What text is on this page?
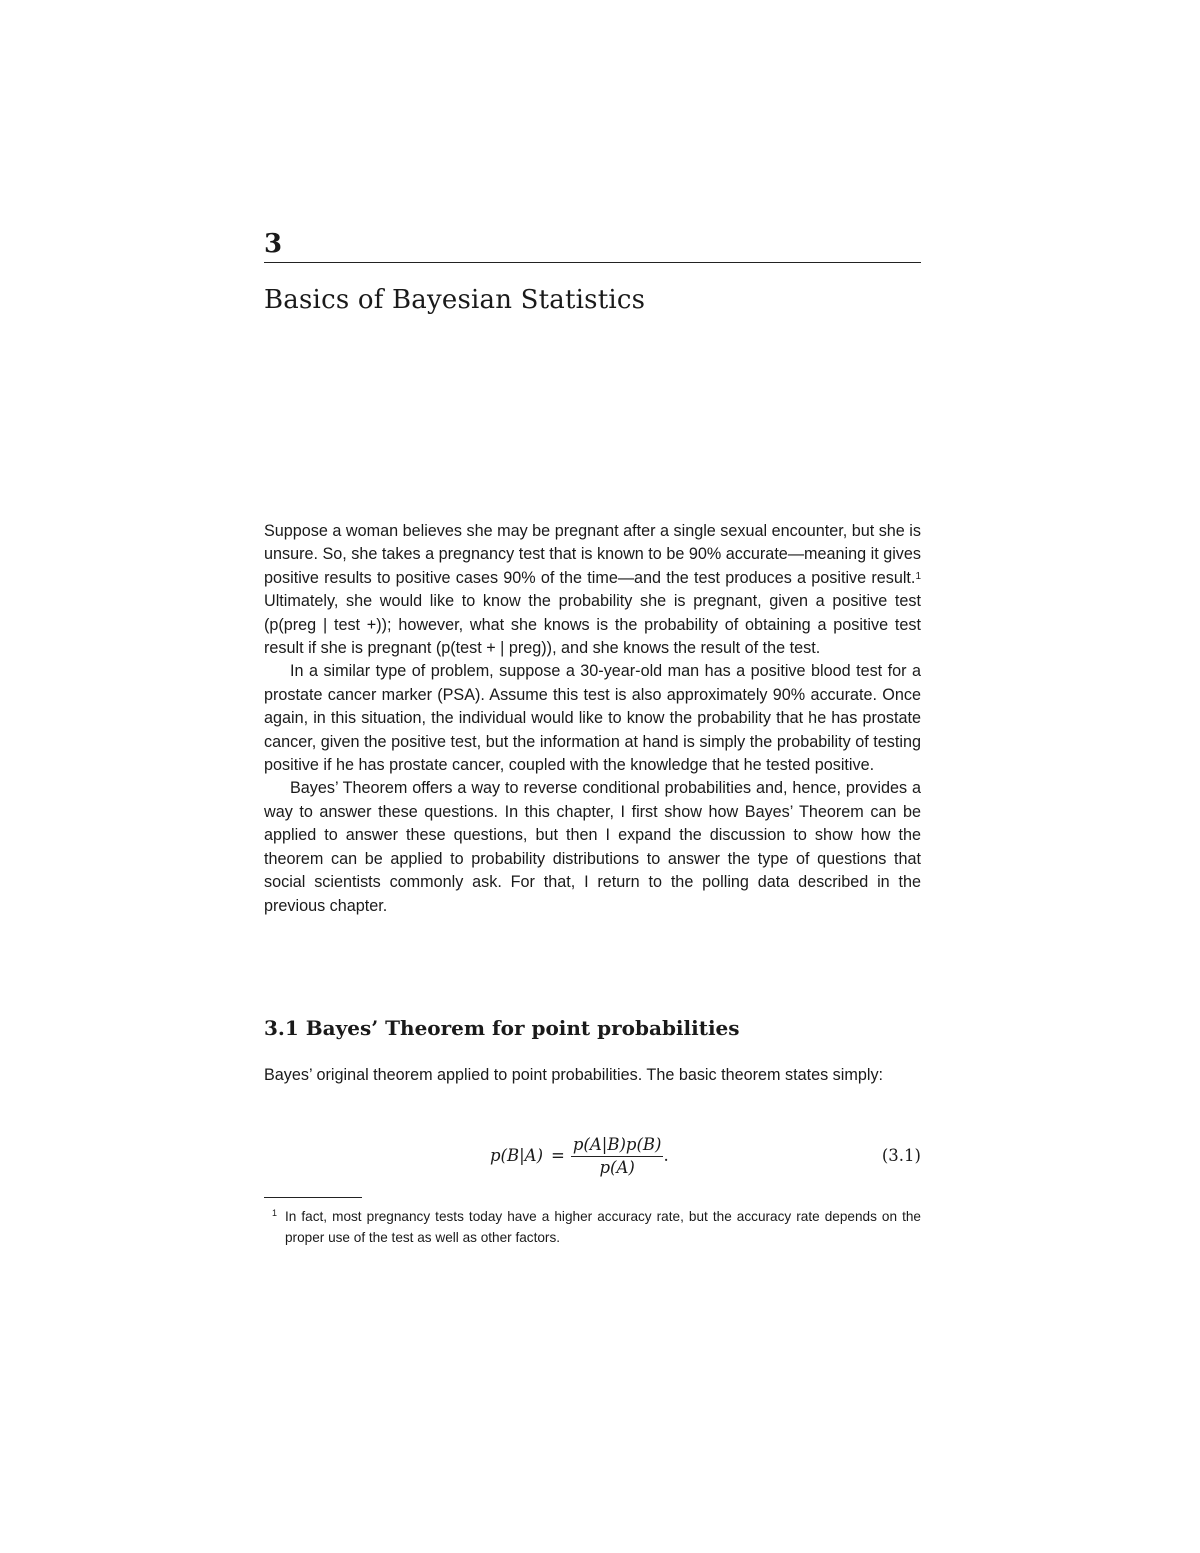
3
Basics of Bayesian Statistics

Suppose a woman believes she may be pregnant after a single sexual encounter, but she is unsure. So, she takes a pregnancy test that is known to be 90% accurate—meaning it gives positive results to positive cases 90% of the time—and the test produces a positive result.$^1$ Ultimately, she would like to know the probability she is pregnant, given a positive test (p(preg | test +)); however, what she knows is the probability of obtaining a positive test result if she is pregnant (p(test + | preg)), and she knows the result of the test.

In a similar type of problem, suppose a 30-year-old man has a positive blood test for a prostate cancer marker (PSA). Assume this test is also approximately 90% accurate. Once again, in this situation, the individual would like to know the probability that he has prostate cancer, given the positive test, but the information at hand is simply the probability of testing positive if he has prostate cancer, coupled with the knowledge that he tested positive.

Bayes’ Theorem offers a way to reverse conditional probabilities and, hence, provides a way to answer these questions. In this chapter, I first show how Bayes’ Theorem can be applied to answer these questions, but then I expand the discussion to show how the theorem can be applied to probability distributions to answer the type of questions that social scientists commonly ask. For that, I return to the polling data described in the previous chapter.

3.1 Bayes’ Theorem for point probabilities

Bayes’ original theorem applied to point probabilities. The basic theorem states simply:

$p(B|A) = \frac{p(A|B)p(B)}{p(A)}$ .	(3.1)
1 In fact, most pregnancy tests today have a higher accuracy rate, but the accuracy rate depends on the proper use of the test as well as other factors.
